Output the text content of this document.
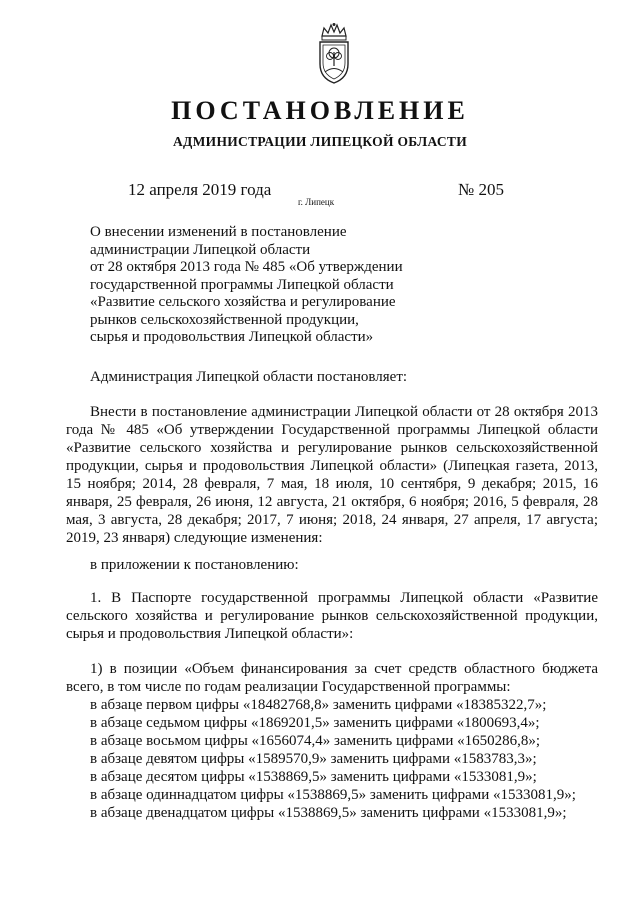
ПОСТАНОВЛЕНИЕ
АДМИНИСТРАЦИИ ЛИПЕЦКОЙ ОБЛАСТИ
12 апреля 2019 года
г. Липецк
№ 205
О внесении изменений в постановление
администрации Липецкой области
от 28 октября 2013 года № 485 «Об утверждении
государственной программы Липецкой области
«Развитие сельского хозяйства и регулирование
рынков сельскохозяйственной продукции,
сырья и продовольствия Липецкой области»

Администрация Липецкой области постановляет:

Внести в постановление администрации Липецкой области от 28 октября 2013 года № 485 «Об утверждении Государственной программы Липецкой области «Развитие сельского хозяйства и регулирование рынков сельскохозяйственной продукции, сырья и продовольствия Липецкой области» (Липецкая газета, 2013, 15 ноября; 2014, 28 февраля, 7 мая, 18 июля, 10 сентября, 9 декабря; 2015, 16 января, 25 февраля, 26 июня, 12 августа, 21 октября, 6 ноября; 2016, 5 февраля, 28 мая, 3 августа, 28 декабря; 2017, 7 июня; 2018, 24 января, 27 апреля, 17 августа; 2019, 23 января) следующие изменения:

в приложении к постановлению:

1. В Паспорте государственной программы Липецкой области «Развитие сельского хозяйства и регулирование рынков сельскохозяйственной продукции, сырья и продовольствия Липецкой области»:

1) в позиции «Объем финансирования за счет средств областного бюджета всего, в том числе по годам реализации Государственной программы:

в абзаце первом цифры «18482768,8» заменить цифрами «18385322,7»;

в абзаце седьмом цифры «1869201,5» заменить цифрами «1800693,4»;

в абзаце восьмом цифры «1656074,4» заменить цифрами «1650286,8»;

в абзаце девятом цифры «1589570,9» заменить цифрами «1583783,3»;

в абзаце десятом цифры «1538869,5» заменить цифрами «1533081,9»;

в абзаце одиннадцатом цифры «1538869,5» заменить цифрами «1533081,9»;

в абзаце двенадцатом цифры «1538869,5» заменить цифрами «1533081,9»;
